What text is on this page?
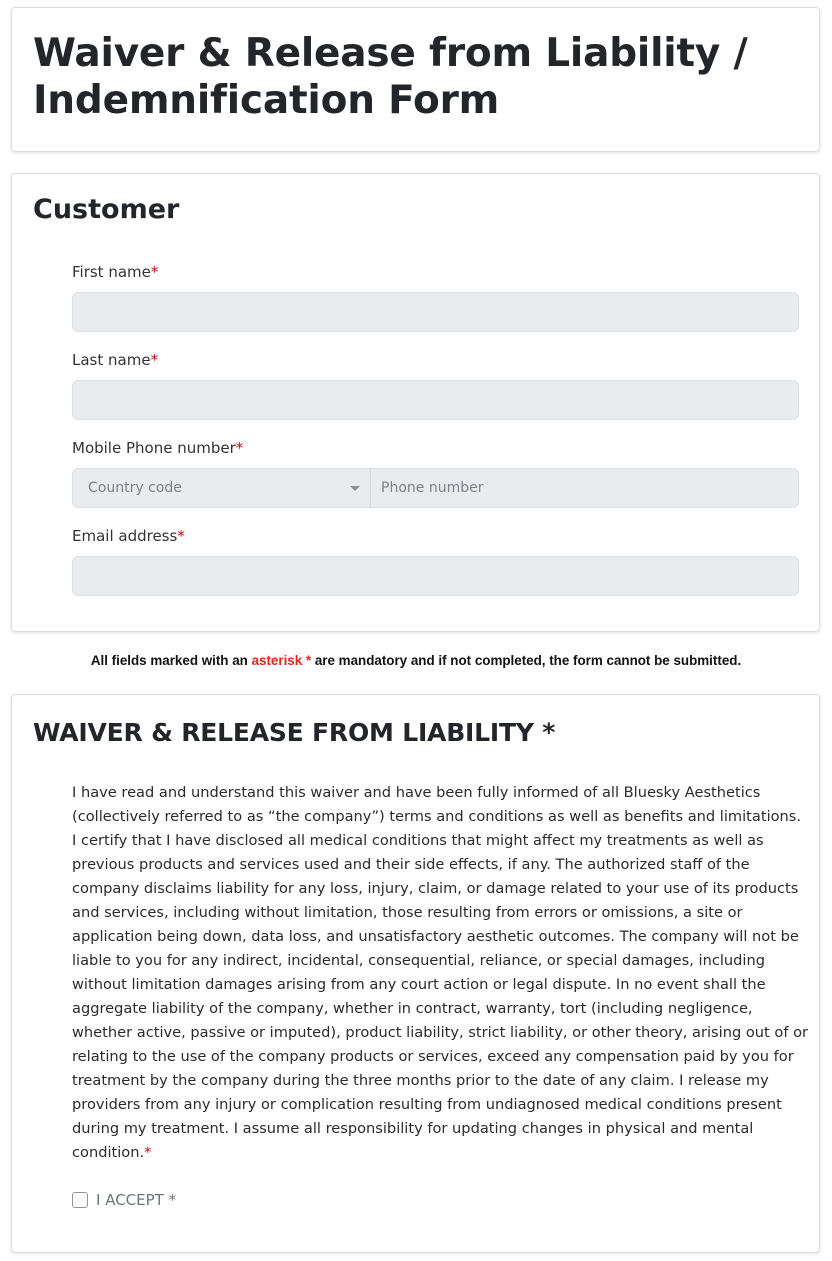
Waiver & Release from Liability / Indemnification Form
Customer
First name*
Last name*
Mobile Phone number*
Country code	Phone number
Email address*
All fields marked with an asterisk * are mandatory and if not completed, the form cannot be submitted.
WAIVER & RELEASE FROM LIABILITY *

I have read and understand this waiver and have been fully informed of all Bluesky Aesthetics (collectively referred to as “the company”) terms and conditions as well as benefits and limitations. I certify that I have disclosed all medical conditions that might affect my treatments as well as previous products and services used and their side effects, if any. The authorized staff of the company disclaims liability for any loss, injury, claim, or damage related to your use of its products and services, including without limitation, those resulting from errors or omissions, a site or application being down, data loss, and unsatisfactory aesthetic outcomes. The company will not be liable to you for any indirect, incidental, consequential, reliance, or special damages, including without limitation damages arising from any court action or legal dispute. In no event shall the aggregate liability of the company, whether in contract, warranty, tort (including negligence, whether active, passive or imputed), product liability, strict liability, or other theory, arising out of or relating to the use of the company products or services, exceed any compensation paid by you for treatment by the company during the three months prior to the date of any claim. I release my providers from any injury or complication resulting from undiagnosed medical conditions present during my treatment. I assume all responsibility for updating changes in physical and mental condition.*

I ACCEPT *
